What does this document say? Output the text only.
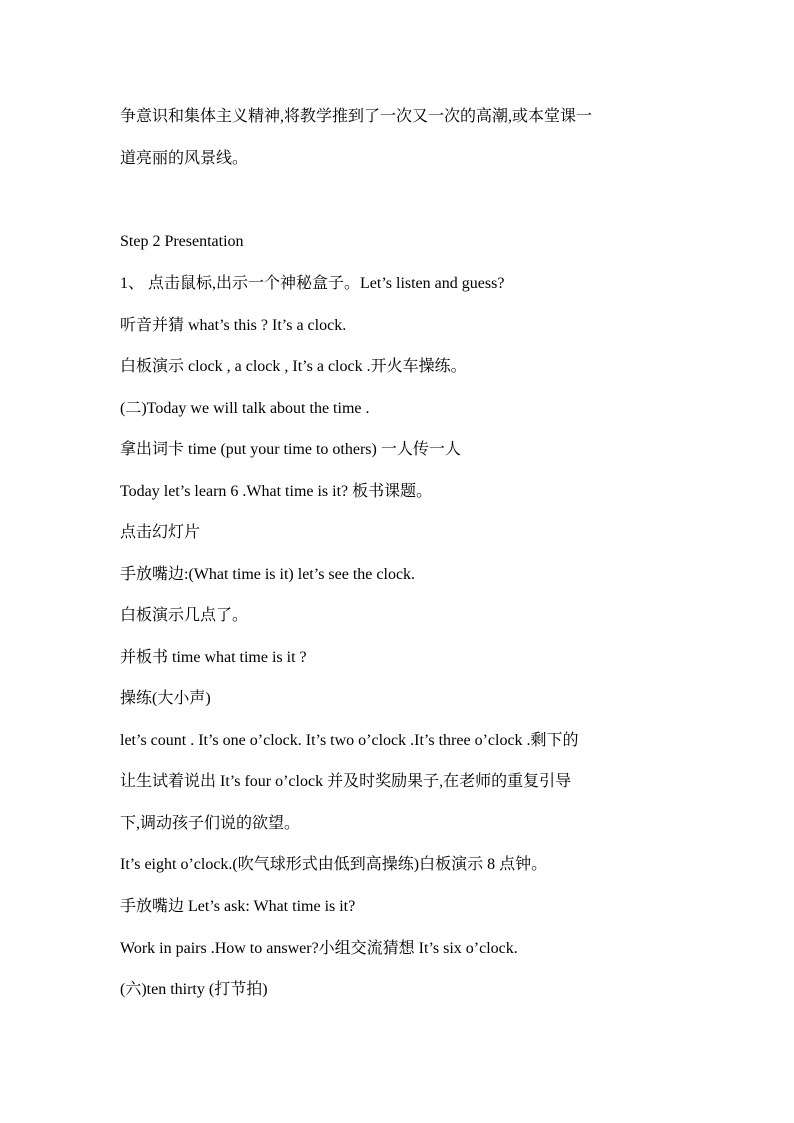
争意识和集体主义精神,将教学推到了一次又一次的高潮,或本堂课一

道亮丽的风景线。

Step 2 Presentation

1、 点击鼠标,出示一个神秘盒子。Let’s listen and guess?

听音并猜 what’s this ? It’s a clock.

白板演示 clock , a clock , It’s a clock .开火车操练。

(二)Today we will talk about the time .

拿出词卡 time (put your time to others) 一人传一人

Today let’s learn 6 .What time is it? 板书课题。

点击幻灯片

手放嘴边:(What time is it) let’s see the clock.

白板演示几点了。

并板书 time what time is it ?

操练(大小声)

let’s count . It’s one o’clock. It’s two o’clock .It’s three o’clock .剩下的

让生试着说出 It’s four o’clock 并及时奖励果子,在老师的重复引导

下,调动孩子们说的欲望。

It’s eight o’clock.(吹气球形式由低到高操练)白板演示 8 点钟。

手放嘴边 Let’s ask: What time is it?

Work in pairs .How to answer?小组交流猜想 It’s six o’clock.

(六)ten thirty (打节拍)
